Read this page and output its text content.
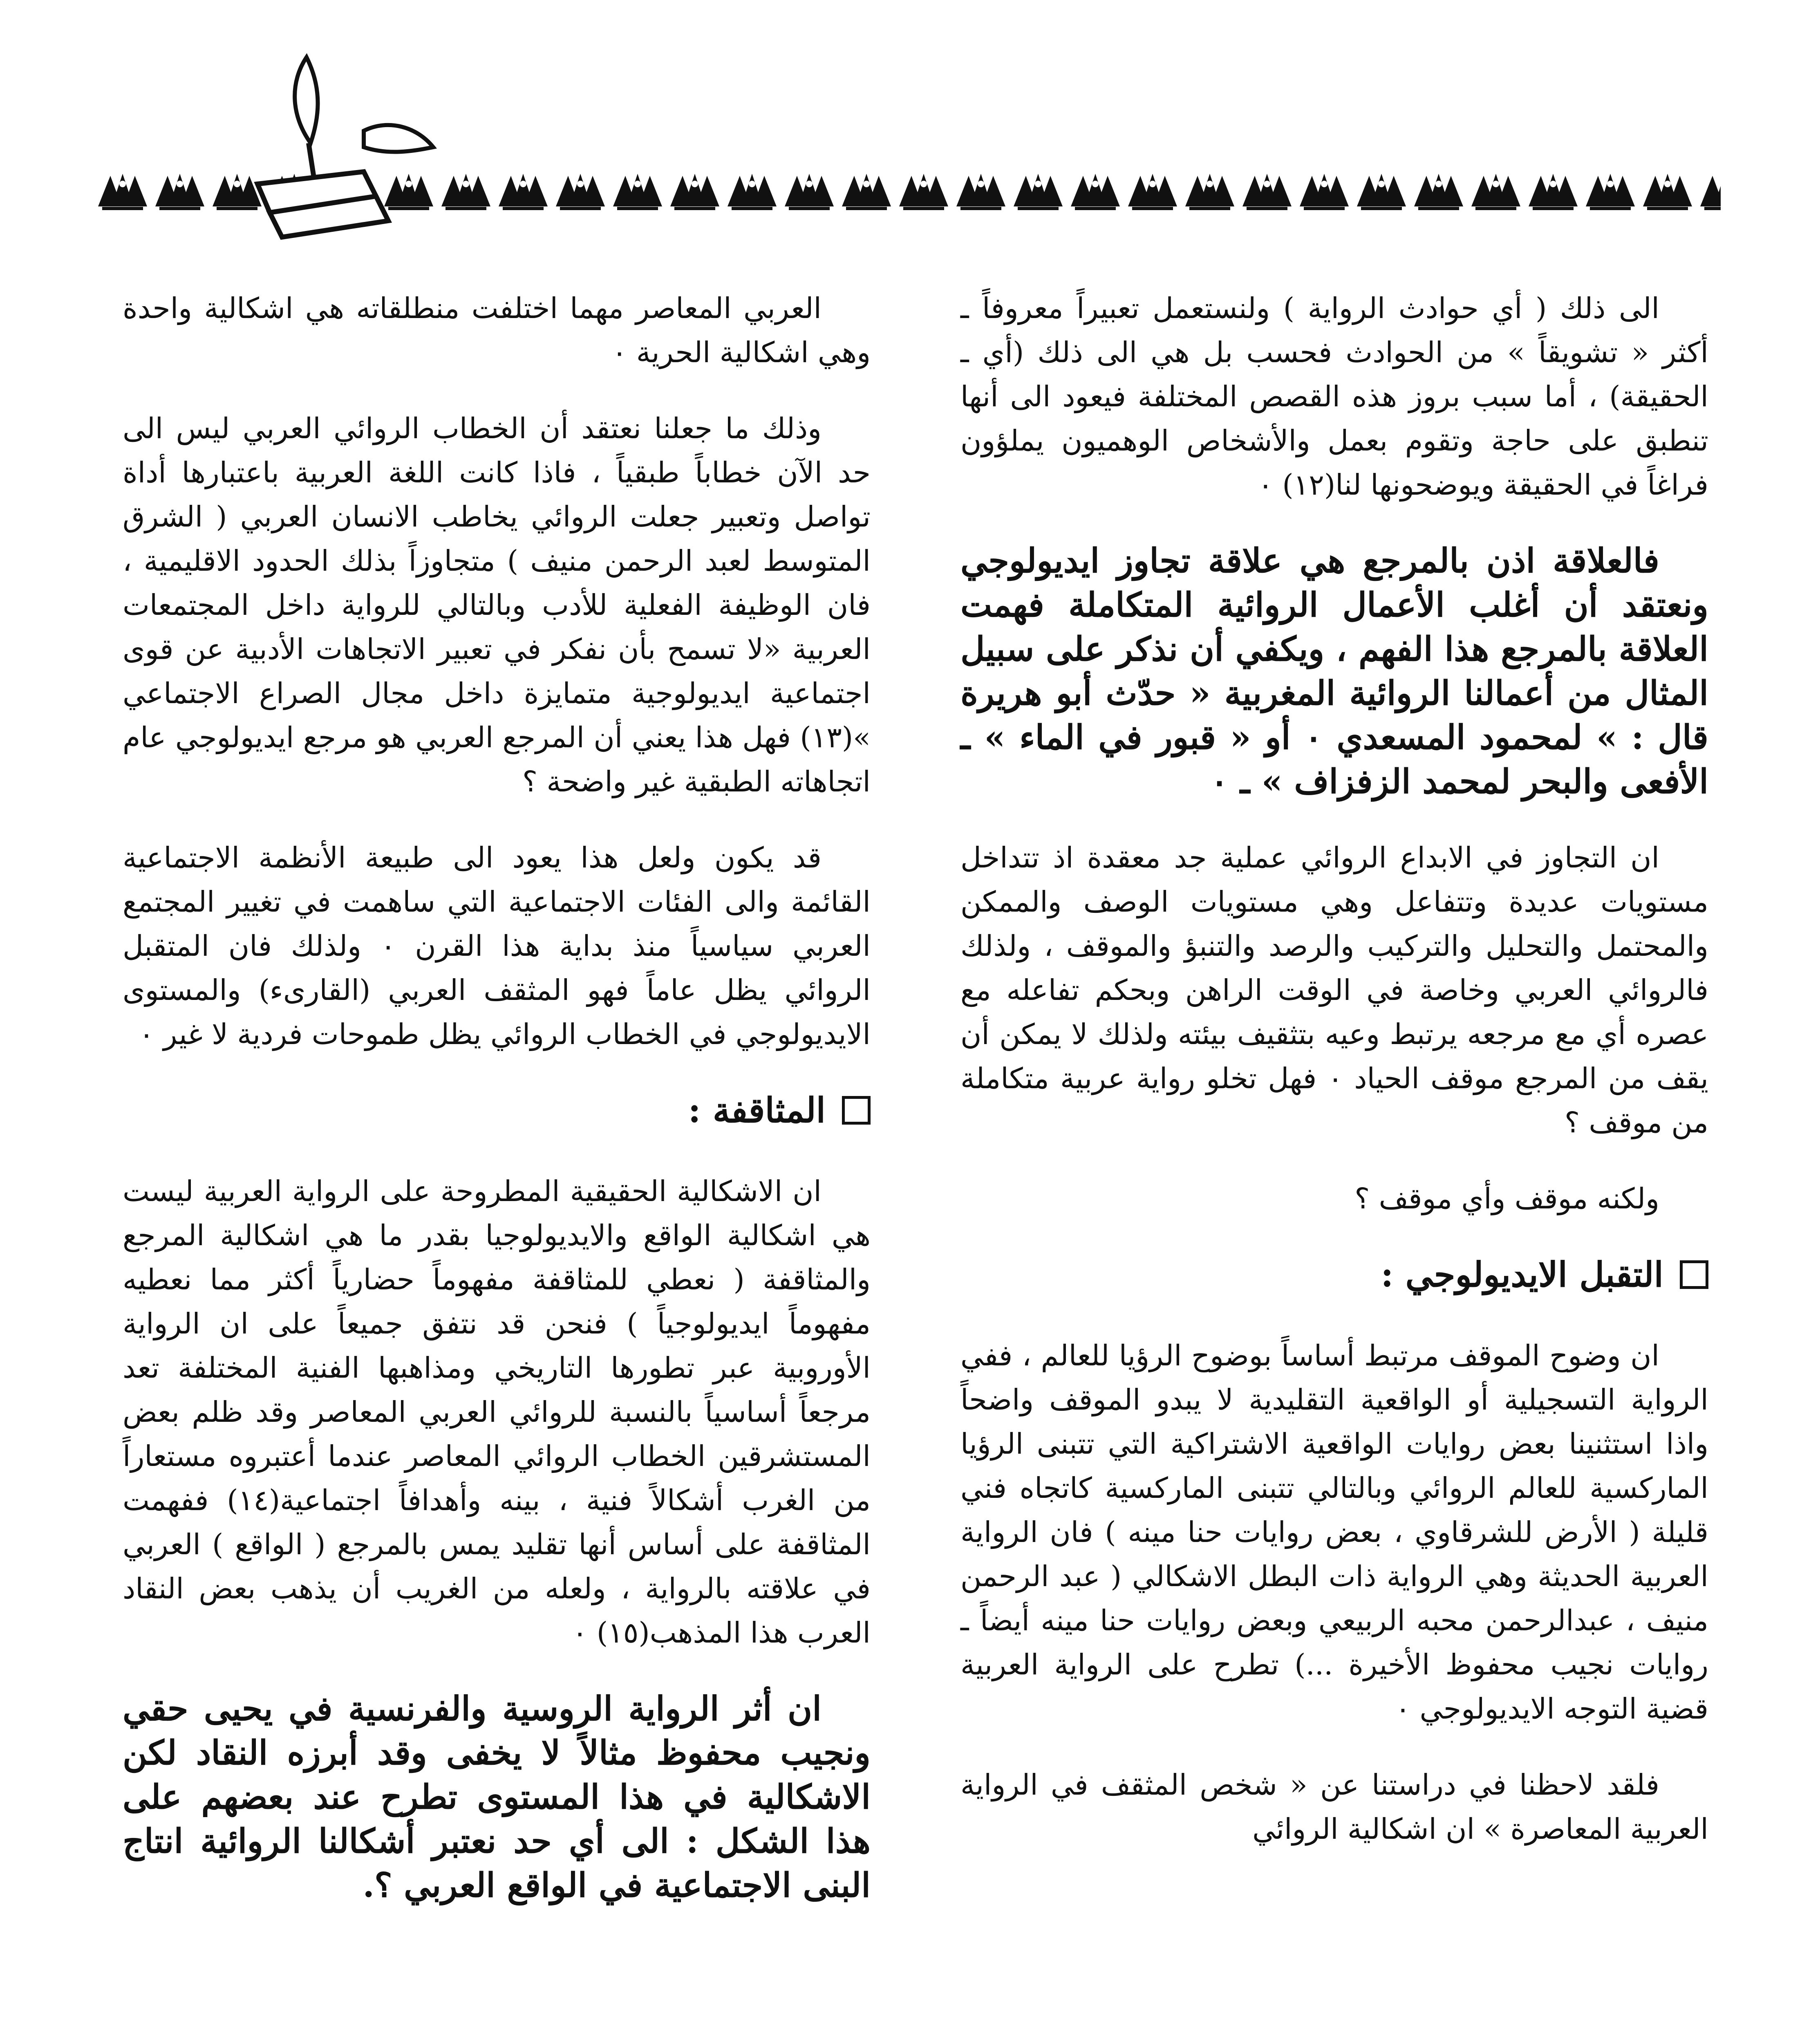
الى ذلك ( أي حوادث الرواية ) ولنستعمل تعبيراً معروفاً ـ أكثر « تشويقاً » من الحوادث فحسب بل هي الى ذلك (أي ـ الحقيقة) ، أما سبب بروز هذه القصص المختلفة فيعود الى أنها تنطبق على حاجة وتقوم بعمل والأشخاص الوهميون يملؤون فراغاً في الحقيقة ويوضحونها لنا(١٢) ٠

فالعلاقة اذن بالمرجع هي علاقة تجاوز ايديولوجي ونعتقد أن أغلب الأعمال الروائية المتكاملة فهمت العلاقة بالمرجع هذا الفهم ، ويكفي أن نذكر على سبيل المثال من أعمالنا الروائية المغربية « حدّث أبو هريرة قال : » لمحمود المسعدي ٠ أو « قبور في الماء » ـ الأفعى والبحر لمحمد الزفزاف » ـ ٠

ان التجاوز في الابداع الروائي عملية جد معقدة اذ تتداخل مستويات عديدة وتتفاعل وهي مستويات الوصف والممكن والمحتمل والتحليل والتركيب والرصد والتنبؤ والموقف ، ولذلك فالروائي العربي وخاصة في الوقت الراهن وبحكم تفاعله مع عصره أي مع مرجعه يرتبط وعيه بتثقيف بيئته ولذلك لا يمكن أن يقف من المرجع موقف الحياد ٠ فهل تخلو رواية عربية متكاملة من موقف ؟

ولكنه موقف وأي موقف ؟

التقبل الايديولوجي :

ان وضوح الموقف مرتبط أساساً بوضوح الرؤيا للعالم ، ففي الرواية التسجيلية أو الواقعية التقليدية لا يبدو الموقف واضحاً واذا استثنينا بعض روايات الواقعية الاشتراكية التي تتبنى الرؤيا الماركسية للعالم الروائي وبالتالي تتبنى الماركسية كاتجاه فني قليلة ( الأرض للشرقاوي ، بعض روايات حنا مينه ) فان الرواية العربية الحديثة وهي الرواية ذات البطل الاشكالي ( عبد الرحمن منيف ، عبدالرحمن محبه الربيعي وبعض روايات حنا مينه أيضاً ـ روايات نجيب محفوظ الأخيرة ...) تطرح على الرواية العربية قضية التوجه الايديولوجي ٠

فلقد لاحظنا في دراستنا عن « شخص المثقف في الرواية العربية المعاصرة » ان اشكالية الروائي

العربي المعاصر مهما اختلفت منطلقاته هي اشكالية واحدة وهي اشكالية الحرية ٠

وذلك ما جعلنا نعتقد أن الخطاب الروائي العربي ليس الى حد الآن خطاباً طبقياً ، فاذا كانت اللغة العربية باعتبارها أداة تواصل وتعبير جعلت الروائي يخاطب الانسان العربي ( الشرق المتوسط لعبد الرحمن منيف ) متجاوزاً بذلك الحدود الاقليمية ، فان الوظيفة الفعلية للأدب وبالتالي للرواية داخل المجتمعات العربية «لا تسمح بأن نفكر في تعبير الاتجاهات الأدبية عن قوى اجتماعية ايديولوجية متمايزة داخل مجال الصراع الاجتماعي »(١٣) فهل هذا يعني أن المرجع العربي هو مرجع ايديولوجي عام اتجاهاته الطبقية غير واضحة ؟

قد يكون ولعل هذا يعود الى طبيعة الأنظمة الاجتماعية القائمة والى الفئات الاجتماعية التي ساهمت في تغيير المجتمع العربي سياسياً منذ بداية هذا القرن ٠ ولذلك فان المتقبل الروائي يظل عاماً فهو المثقف العربي (القارىء) والمستوى الايديولوجي في الخطاب الروائي يظل طموحات فردية لا غير ٠

المثاقفة :

ان الاشكالية الحقيقية المطروحة على الرواية العربية ليست هي اشكالية الواقع والايديولوجيا بقدر ما هي اشكالية المرجع والمثاقفة ( نعطي للمثاقفة مفهوماً حضارياً أكثر مما نعطيه مفهوماً ايديولوجياً ) فنحن قد نتفق جميعاً على ان الرواية الأوروبية عبر تطورها التاريخي ومذاهبها الفنية المختلفة تعد مرجعاً أساسياً بالنسبة للروائي العربي المعاصر وقد ظلم بعض المستشرقين الخطاب الروائي المعاصر عندما أعتبروه مستعاراً من الغرب أشكالاً فنية ، بينه وأهدافاً اجتماعية(١٤) ففهمت المثاقفة على أساس أنها تقليد يمس بالمرجع ( الواقع ) العربي في علاقته بالرواية ، ولعله من الغريب أن يذهب بعض النقاد العرب هذا المذهب(١٥) ٠

ان أثر الرواية الروسية والفرنسية في يحيى حقي ونجيب محفوظ مثالاً لا يخفى وقد أبرزه النقاد لكن الاشكالية في هذا المستوى تطرح عند بعضهم على هذا الشكل : الى أي حد نعتبر أشكالنا الروائية انتاج البنى الاجتماعية في الواقع العربي ؟.
